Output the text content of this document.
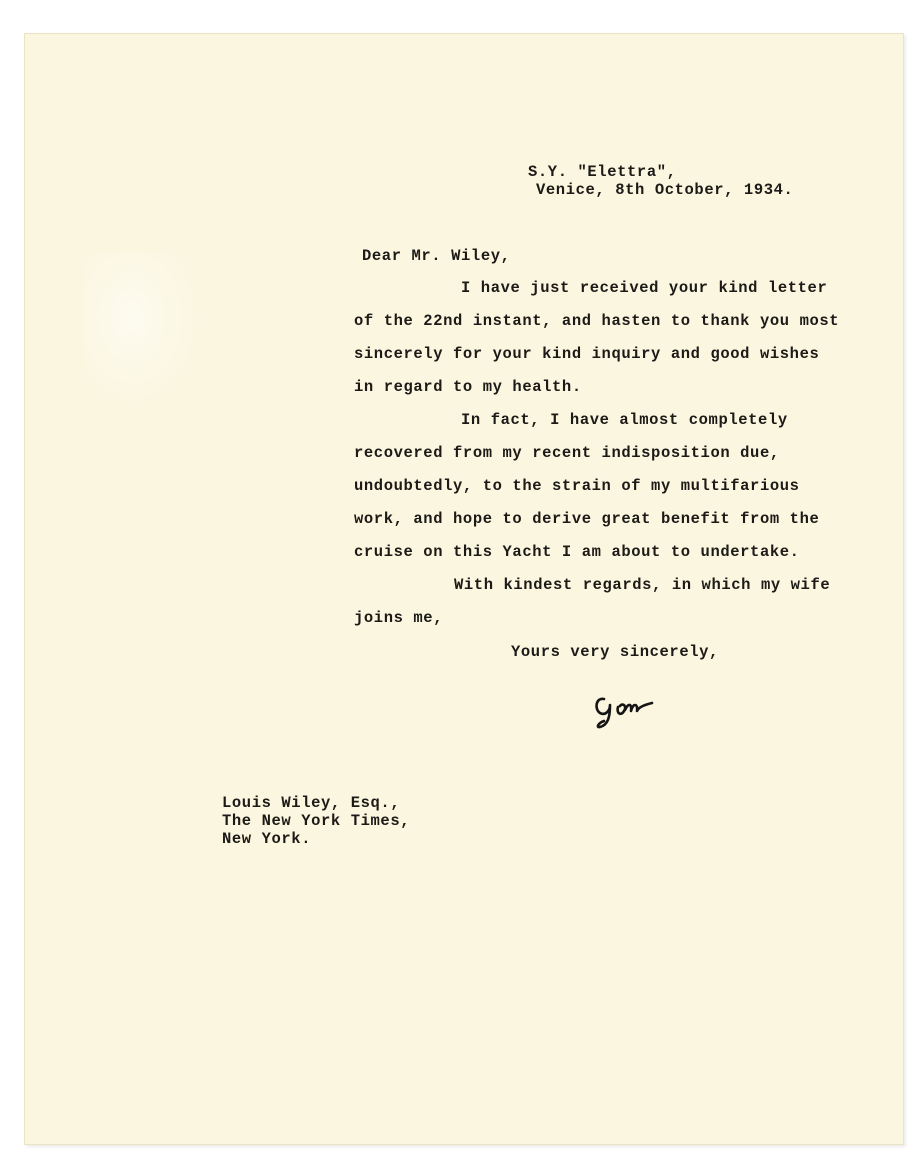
S.Y. "Elettra",
Venice, 8th October, 1934.
Dear Mr. Wiley,
I have just received your kind letter
of the 22nd instant, and hasten to thank you most
sincerely for your kind inquiry and good wishes
in regard to my health.
In fact, I have almost completely
recovered from my recent indisposition due,
undoubtedly, to the strain of my multifarious
work, and hope to derive great benefit from the
cruise on this Yacht I am about to undertake.
With kindest regards, in which my wife
joins me,
Yours very sincerely,
Louis Wiley, Esq.,
The New York Times,
New York.
